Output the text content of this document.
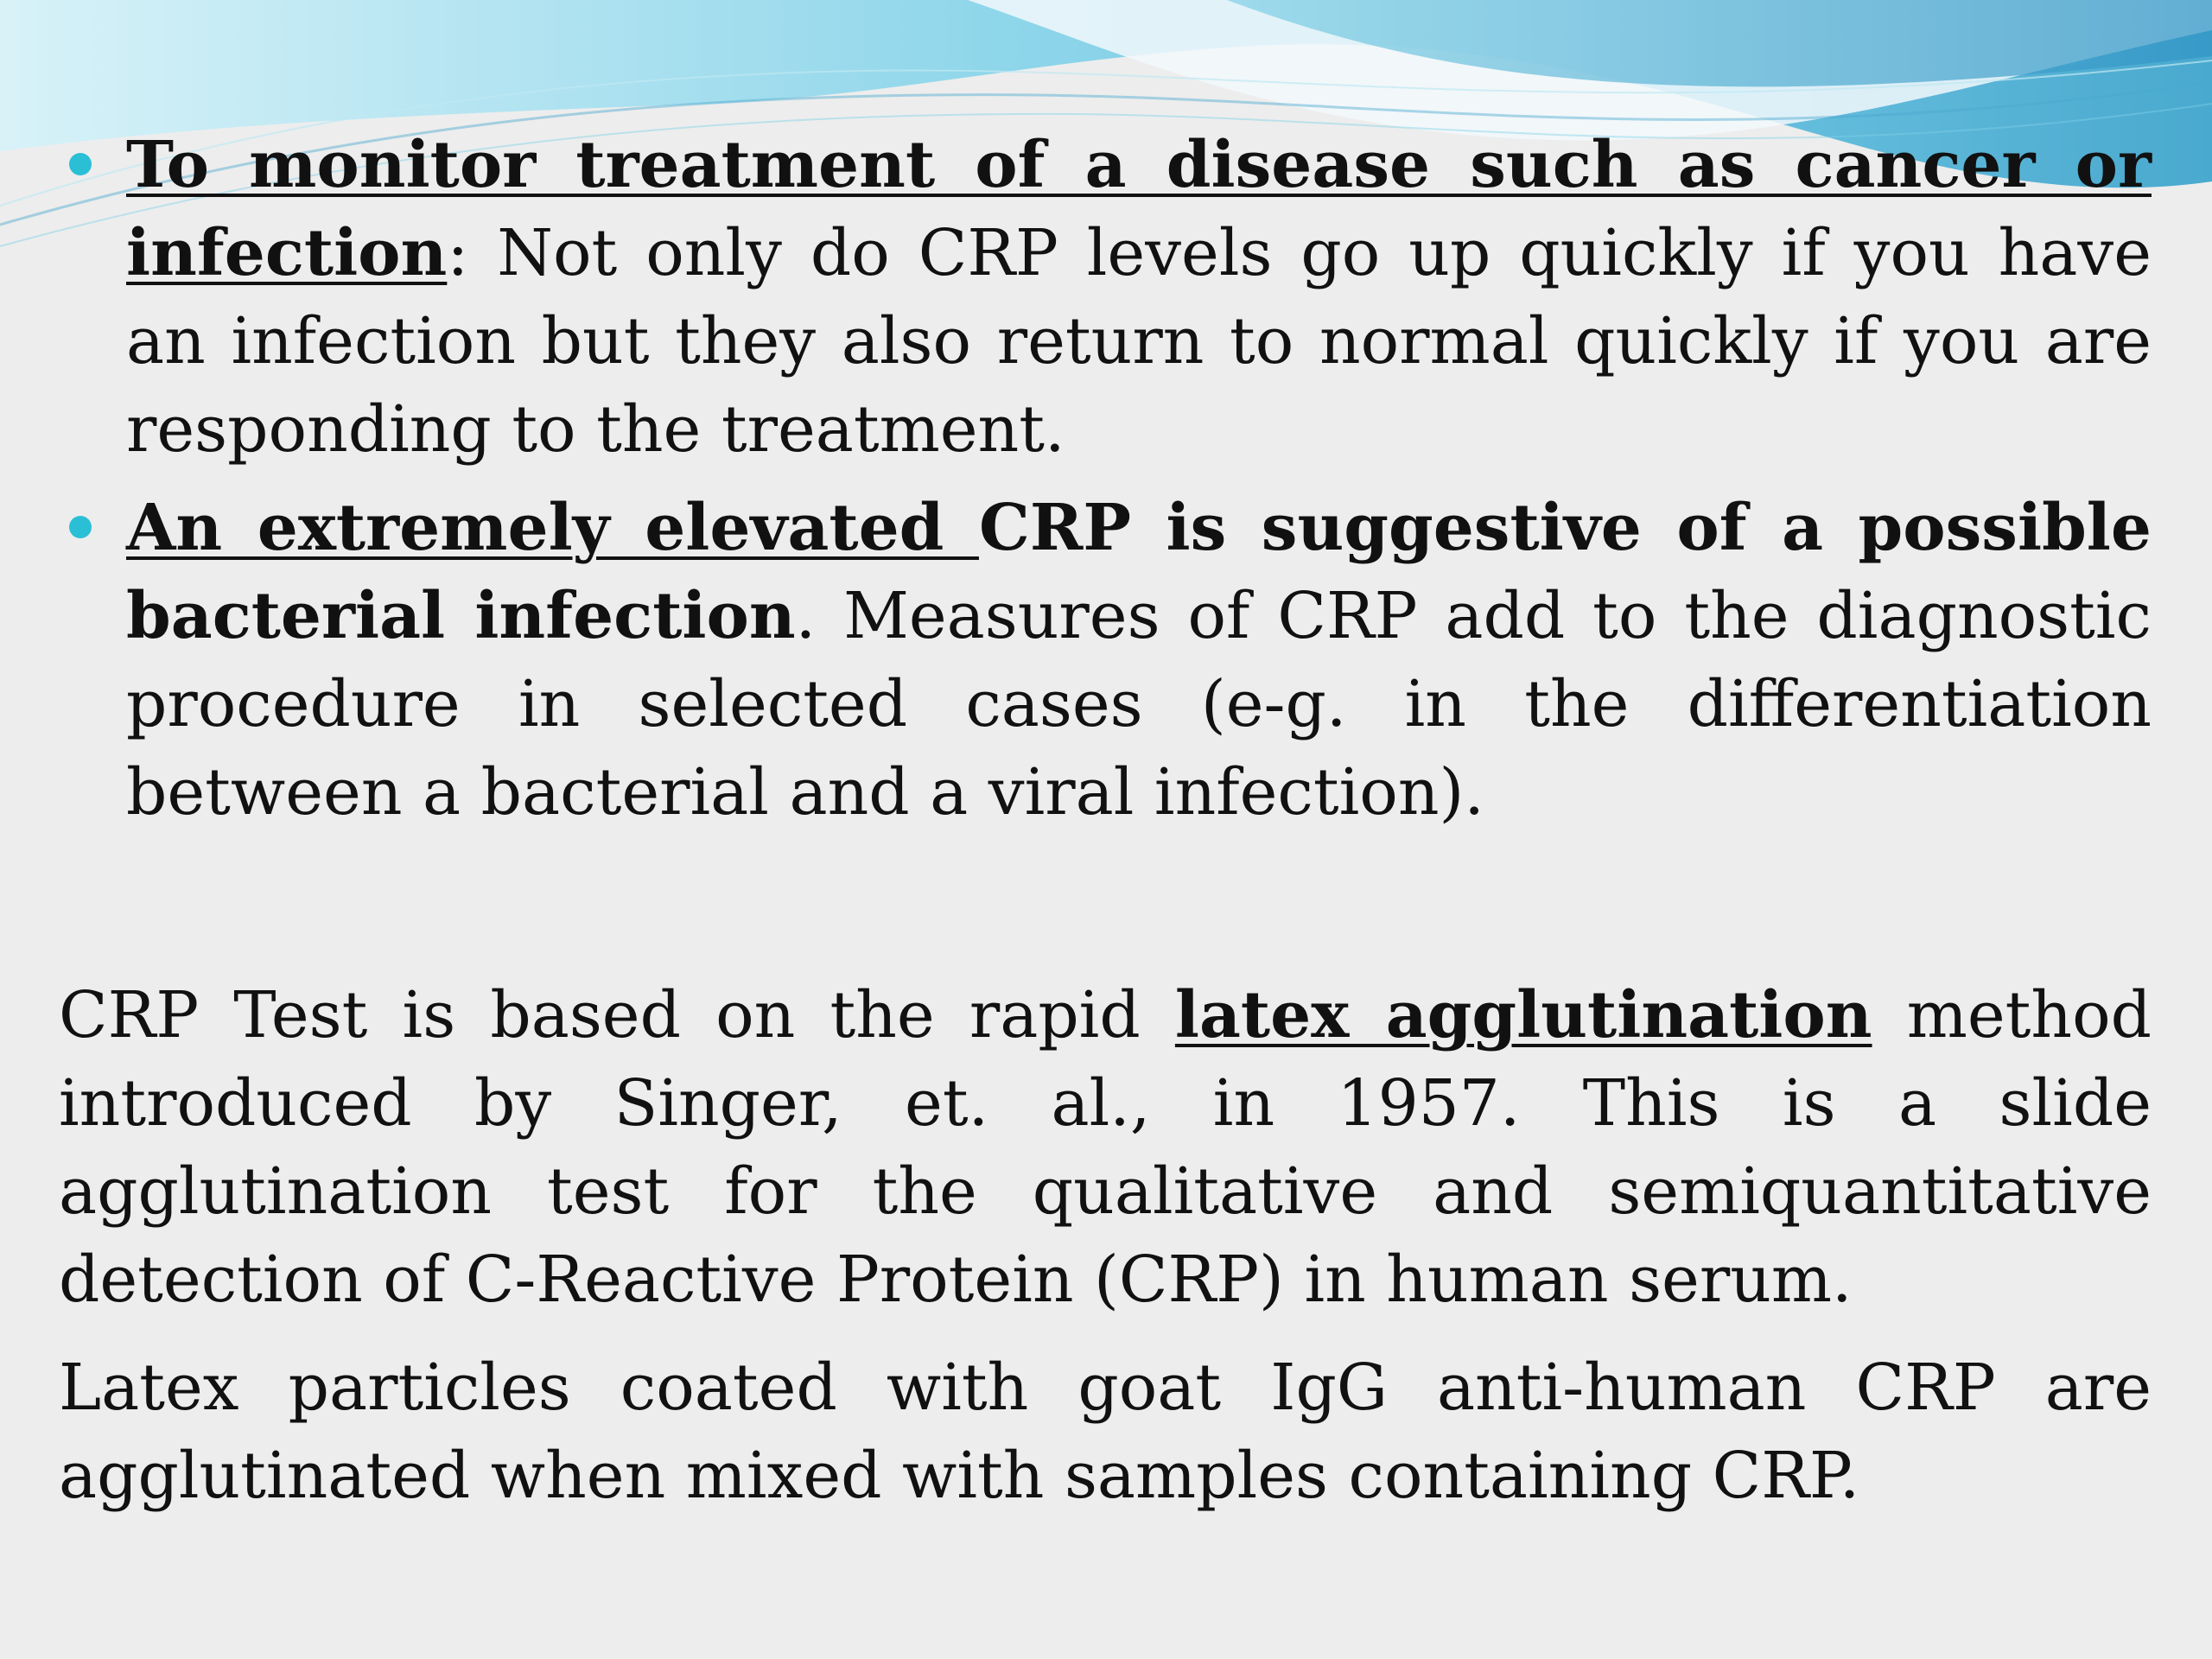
To monitor treatment of a disease such as cancer or infection: Not only do CRP levels go up quickly if you have an infection but they also return to normal quickly if you are responding to the treatment.
An extremely elevated CRP is suggestive of a possible bacterial infection. Measures of CRP add to the diagnostic procedure in selected cases (e-g. in the differentiation between a bacterial and a viral infection).

CRP Test is based on the rapid latex agglutination method introduced by Singer, et. al., in 1957. This is a slide agglutination test for the qualitative and semiquantitative detection of C-Reactive Protein (CRP) in human serum.

Latex particles coated with goat IgG anti-human CRP are agglutinated when mixed with samples containing CRP.
